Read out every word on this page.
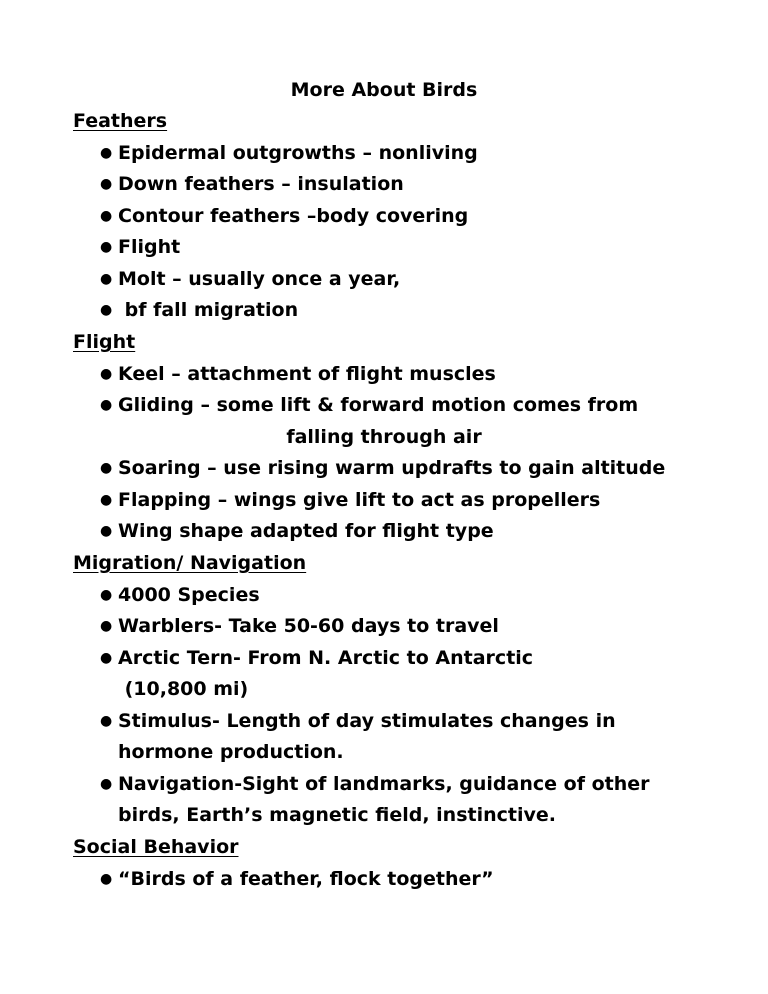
More About Birds
Feathers
● Epidermal outgrowths – nonliving
● Down feathers – insulation
● Contour feathers –body covering
● Flight
● Molt – usually once a year,
● bf fall migration
Flight
● Keel – attachment of flight muscles
● Gliding – some lift & forward motion comes from
falling through air
● Soaring – use rising warm updrafts to gain altitude
● Flapping – wings give lift to act as propellers
● Wing shape adapted for flight type
Migration/ Navigation
● 4000 Species
● Warblers- Take 50-60 days to travel
● Arctic Tern- From N. Arctic to Antarctic
(10,800 mi)
● Stimulus- Length of day stimulates changes in
hormone production.
● Navigation-Sight of landmarks, guidance of other
birds, Earth’s magnetic field, instinctive.
Social Behavior
● “Birds of a feather, flock together”
